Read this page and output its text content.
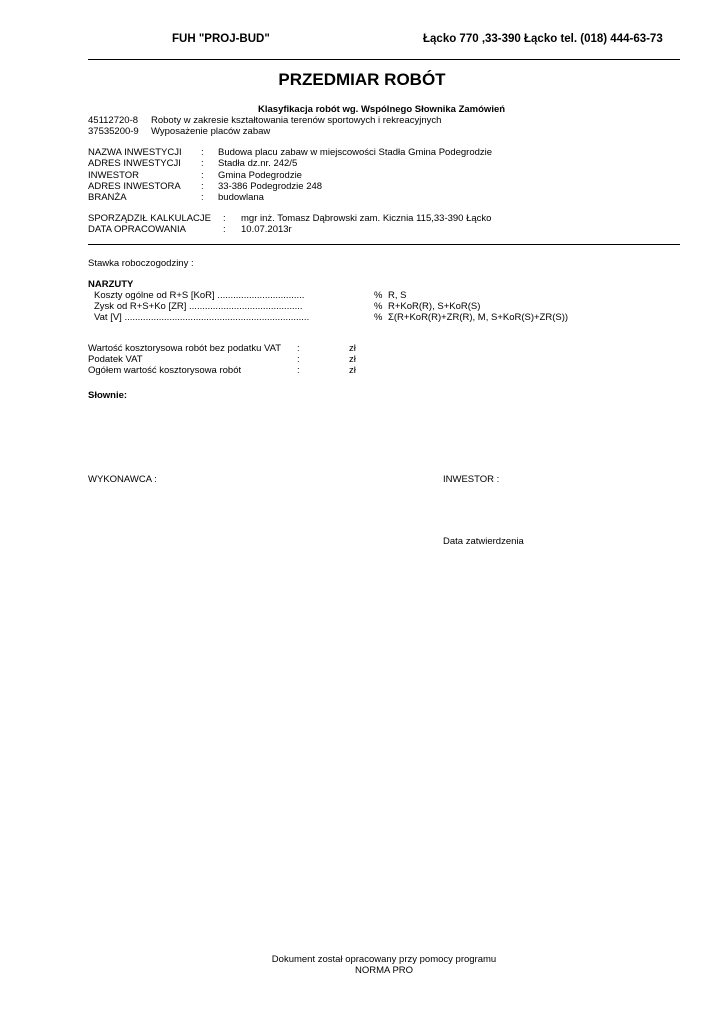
FUH "PROJ-BUD"	Łącko 770 ,33-390 Łącko tel. (018) 444-63-73
PRZEDMIAR ROBÓT
Klasyfikacja robót wg. Wspólnego Słownika Zamówień
45112720-8 Roboty w zakresie kształtowania terenów sportowych i rekreacyjnych
37535200-9 Wyposażenie placów zabaw
NAZWA INWESTYCJI : Budowa placu zabaw w miejscowości Stadła Gmina Podegrodzie
ADRES INWESTYCJI : Stadła dz.nr. 242/5
INWESTOR	: Gmina Podegrodzie
ADRES INWESTORA : 33-386 Podegrodzie 248
BRANŻA	: budowlana
SPORZĄDZIŁ KALKULACJE : mgr inż. Tomasz Dąbrowski zam. Kicznia 115,33-390 Łącko
DATA OPRACOWANIA	: 10.07.2013r
Stawka roboczogodziny :
NARZUTY
Koszty ogólne od R+S [KoR] .................................	% R, S
Zysk od R+S+Ko [ZR] ...........................................	% R+KoR(R), S+KoR(S)
Vat [V] ......................................................................	% Σ(R+KoR(R)+ZR(R), M, S+KoR(S)+ZR(S))
Wartość kosztorysowa robót bez podatku VAT :	zł
Podatek VAT	:	zł
Ogółem wartość kosztorysowa robót	:	zł
Słownie:
WYKONAWCA :	INWESTOR :
Data zatwierdzenia
Dokument został opracowany przy pomocy programu
NORMA PRO
